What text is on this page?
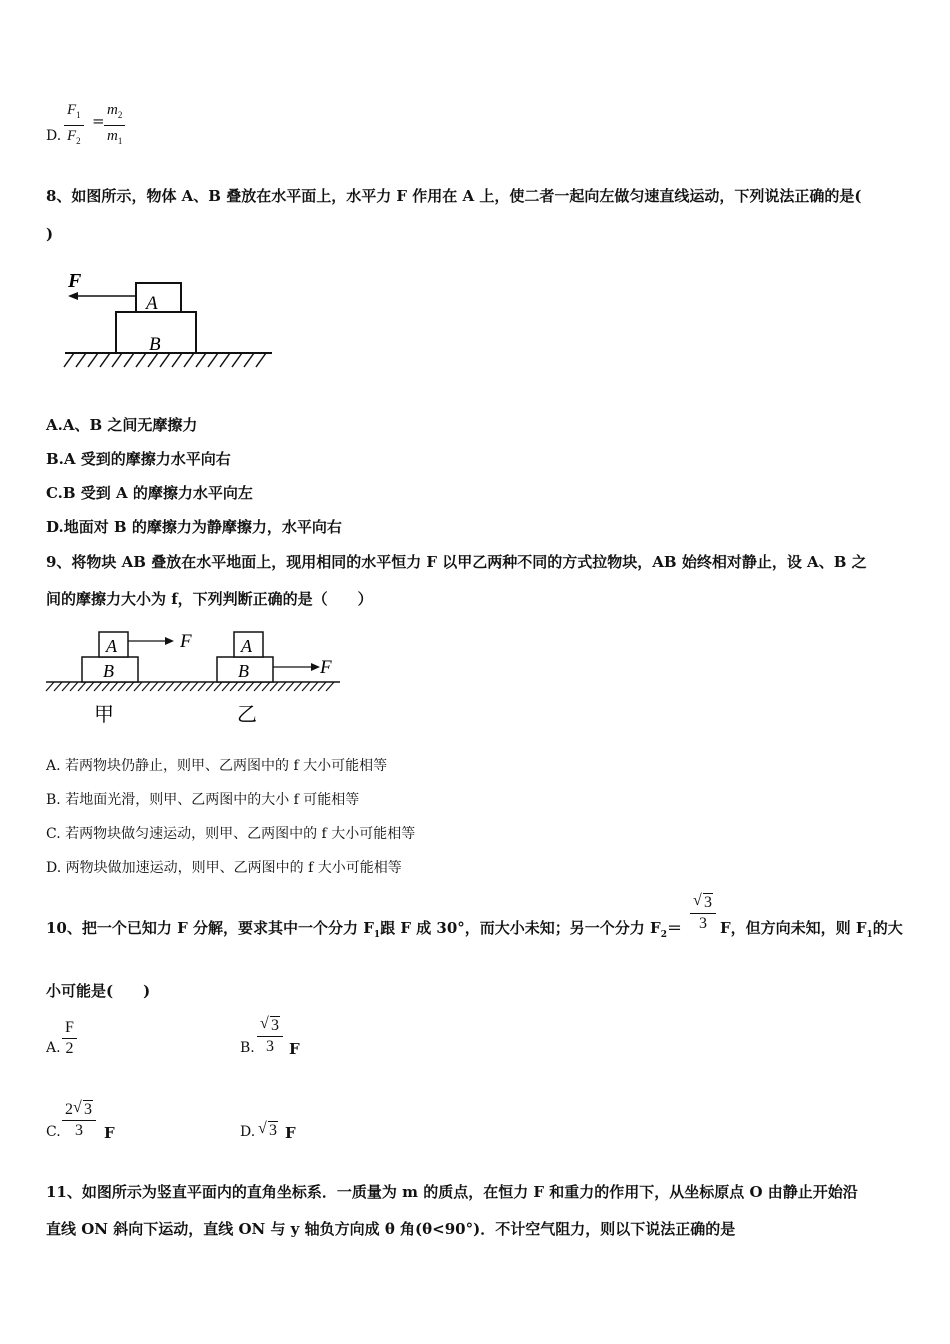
D. $\frac{F_1}{F_2} = \frac{m_2}{m_1}$
8、如图所示，物体 A、B 叠放在水平面上，水平力 F 作用在 A 上，使二者一起向左做匀速直线运动，下列说法正确的是(
)
F
A
B
A.A、B 之间无摩擦力
B.A 受到的摩擦力水平向右
C.B 受到 A 的摩擦力水平向左
D.地面对 B 的摩擦力为静摩擦力，水平向右
9、将物块 AB 叠放在水平地面上，现用相同的水平恒力 F 以甲乙两种不同的方式拉物块，AB 始终相对静止，设 A、B 之
间的摩擦力大小为 f，下列判断正确的是（　　）
A
B
F
甲
A
B	F
乙
A. 若两物块仍静止，则甲、乙两图中的 f 大小可能相等
B. 若地面光滑，则甲、乙两图中的大小 f 可能相等
C. 若两物块做匀速运动，则甲、乙两图中的 f 大小可能相等
D. 两物块做加速运动，则甲、乙两图中的 f 大小可能相等
10、把一个已知力 F 分解，要求其中一个分力 $F_1$跟 F 成 30°，而大小未知；另一个分力 $F_2= \frac{√ 3}{3}$ F，但方向未知，则 $F_1$的大
小可能是(　　)
A. $\frac{F}{2}$	B. $\frac{√ 3}{3}$ F
C. $\frac{2 √ 3}{3}$ F	D. √ 3 F
11、如图所示为竖直平面内的直角坐标系．一质量为 m 的质点，在恒力 F 和重力的作用下，从坐标原点 O 由静止开始沿
直线 ON 斜向下运动，直线 ON 与 y 轴负方向成 θ 角(θ<90°)．不计空气阻力，则以下说法正确的是
